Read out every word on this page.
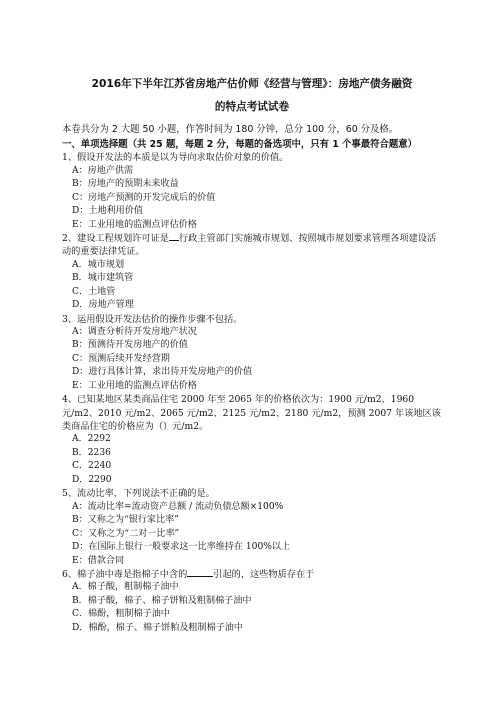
2016年下半年江苏省房地产估价师《经营与管理》：房地产债务融资

的特点考试试卷

本卷共分为 2 大题 50 小题，作答时间为 180 分钟，总分 100 分，60 分及格。

一、单项选择题（共 25 题，每题 2 分，每题的备选项中，只有 1 个事最符合题意）

1、假设开发法的本质是以为导向求取估价对象的价值。

A：房地产供需

B：房地产的预期未来收益

C：房地产预测的开发完成后的价值

D：土地利用价值

E：工业用地的监测点评估价格

2、建设工程规划许可证是 行政主管部门实施城市规划、按照城市规划要求管理各项建设活动的重要法律凭证。

A．城市规划

B．城市建筑管

C．土地管

D．房地产管理

3、运用假设开发法估价的操作步骤不包括。

A：调查分析待开发房地产状况

B：预测待开发房地产的价值

C：预测后续开发经营期

D：进行具体计算，求出待开发房地产的价值

E：工业用地的监测点评估价格

4、已知某地区某类商品住宅 2000 年至 2065 年的价格依次为：1900 元/m2、1960 元/m2、2010 元/m2、2065 元/m2、2125 元/m2、2180 元/m2，预测 2007 年该地区该类商品住宅的价格应为（）元/m2。

A．2292

B．2236

C．2240

D．2290

5、流动比率，下列说法不正确的是。

A：流动比率=流动资产总额 / 流动负债总额×100%

B：又称之为“银行家比率”

C：又称之为“二对一比率”

D：在国际上银行一般要求这一比率维持在 100%以上

E：借款合同

6、棉子油中毒是指棉子中含的	引起的，这些物质存在于

A．棉子酸，粗制棉子油中

B．棉子酸，棉子、棉子饼粕及粗制棉子油中

C．棉酚，粗制棉子油中

D．棉酚，棉子、棉子饼粕及粗制棉子油中
